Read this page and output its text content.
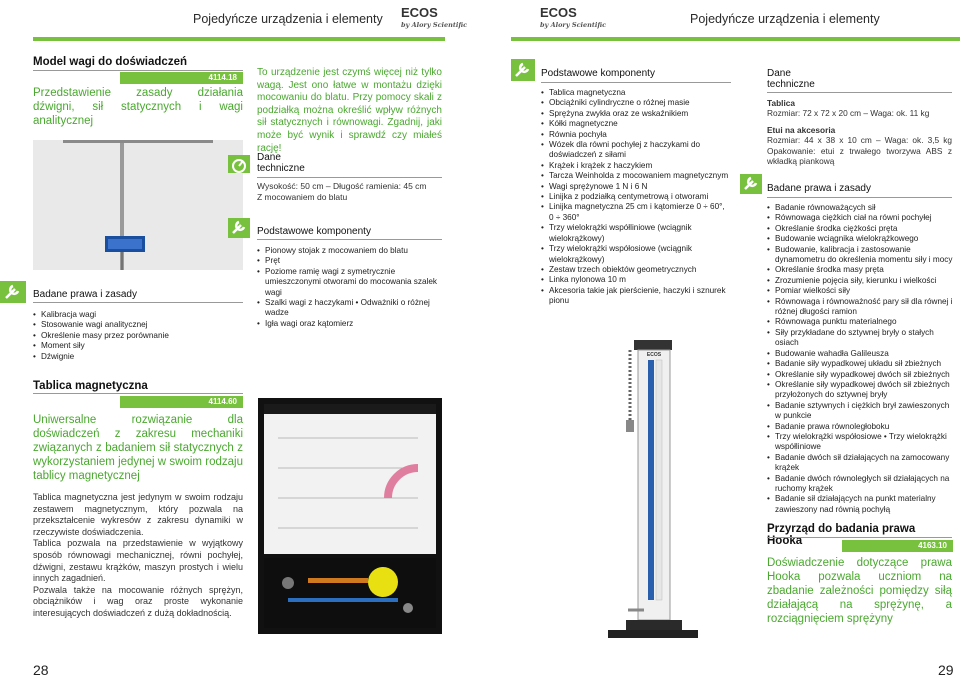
Pojedyńcze urządzenia i elementy ECOS
by Alory Scientific
ECOS
by Alory Scientific	Pojedyńcze urządzenia i elementy
Model wagi do doświadczeń
4114.18
Przedstawienie zasady działania dźwigni, sił statycznych i wagi analitycznej
Badane prawa i zasady
• Kalibracja wagi
• Stosowanie wagi analitycznej
• Określenie masy przez porównanie
• Moment siły
• Dźwignie
Tablica magnetyczna
4114.60
Uniwersalne rozwiązanie dla doświadczeń z zakresu mechaniki związanych z badaniem sił statycznych z wykorzystaniem jedynej w swoim rodzaju tablicy magnetycznej
Tablica magnetyczna jest jedynym w swoim rodzaju zestawem magnetycznym, który pozwala na przekształcenie wykresów z zakresu dynamiki w rzeczywiste doświadczenia.
Tablica pozwala na przedstawienie w wyjątkowy sposób równowagi mechanicznej, równi pochyłej, dźwigni, zestawu krążków, maszyn prostych i wielu innych zagadnień.
Pozwala także na mocowanie różnych sprężyn, obciążników i wag oraz proste wykonanie interesujących doświadczeń z dużą dokładnością.
To urządzenie jest czymś więcej niż tylko wagą. Jest ono łatwe w montażu dzięki mocowaniu do blatu. Przy pomocy skali z podziałką można określić wpływ różnych sił statycznych i równowagi. Zgadnij, jaki może być wynik i sprawdź czy miałeś rację!
Dane
techniczne
Wysokość: 50 cm – Długość ramienia: 45 cm
Z mocowaniem do blatu
Podstawowe komponenty
• Pionowy stojak z mocowaniem do blatu
• Pręt
• Poziome ramię wagi z symetrycznie umieszczonymi otworami do mocowania szalek wagi
• Szalki wagi z haczykami • Odważniki o różnej wadze
• Igła wagi oraz kątomierz
Podstawowe komponenty
• Tablica magnetyczna
• Obciążniki cylindryczne o różnej masie
• Sprężyna zwykła oraz ze wskaźnikiem
• Kółki magnetyczne
• Równia pochyła
• Wózek dla równi pochyłej z haczykami do doświadczeń z siłami
• Krążek i krążek z haczykiem
• Tarcza Weinholda z mocowaniem magnetycznym
• Wagi sprężynowe 1 N i 6 N
• Linijka z podziałką centymetrową i otworami
• Linijka magnetyczna 25 cm i kątomierze 0 ÷ 60°, 0 ÷ 360°
• Trzy wielokrążki współliniowe (wciągnik wielokrążkowy)
• Trzy wielokrążki współosiowe (wciągnik wielokrążkowy)
• Zestaw trzech obiektów geometrycznych
• Linka nylonowa 10 m
• Akcesoria takie jak pierścienie, haczyki i sznurek pionu
ECOS
Dane
techniczne
Tablica
Rozmiar: 72 x 72 x 20 cm – Waga: ok. 11 kg
Etui na akcesoria
Rozmiar: 44 x 38 x 10 cm – Waga: ok. 3,5 kg Opakowanie: etui z trwałego tworzywa ABS z wkładką piankową
Badane prawa i zasady
• Badanie równoważących sił
• Równowaga ciężkich ciał na równi pochyłej
• Określanie środka ciężkości pręta
• Budowanie wciągnika wielokrążkowego
• Budowanie, kalibracja i zastosowanie dynamometru do określenia momentu siły i mocy
• Określanie środka masy pręta
• Zrozumienie pojęcia siły, kierunku i wielkości
• Pomiar wielkości siły
• Równowaga i równoważność pary sił dla równej i różnej długości ramion
• Równowaga punktu materialnego
• Siły przykładane do sztywnej bryły o stałych osiach
• Budowanie wahadła Galileusza
• Badanie siły wypadkowej układu sił zbieżnych
• Określanie siły wypadkowej dwóch sił zbieżnych
• Określanie siły wypadkowej dwóch sił zbieżnych przyłożonych do sztywnej bryły
• Badanie sztywnych i ciężkich brył zawieszonych w punkcie
• Badanie prawa równoległoboku
• Trzy wielokrążki współosiowe • Trzy wielokrążki współliniowe
• Badanie dwóch sił działających na zamocowany krążek
• Badanie dwóch równoległych sił działających na ruchomy krążek
• Badanie sił działających na punkt materialny zawieszony nad równią pochyłą
Przyrząd do badania prawa Hooka	4163.10
Doświadczenie dotyczące prawa Hooka pozwala uczniom na zbadanie zależności pomiędzy siłą działającą na sprężynę, a rozciągnięciem sprężyny
28	29
